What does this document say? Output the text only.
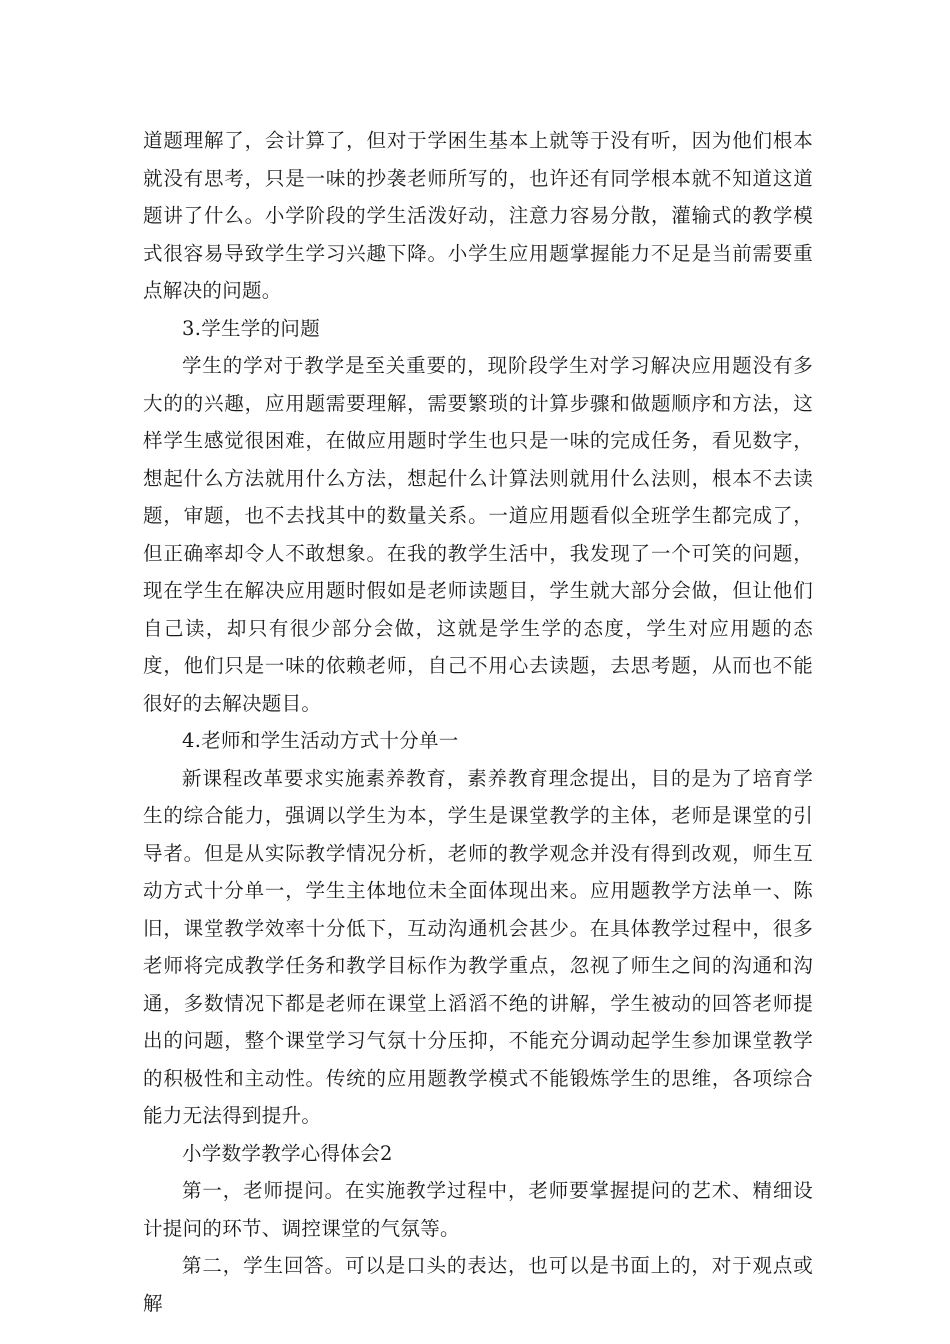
道题理解了，会计算了，但对于学困生基本上就等于没有听，因为他们根本就没有思考，只是一味的抄袭老师所写的，也许还有同学根本就不知道这道题讲了什么。小学阶段的学生活泼好动，注意力容易分散，灌输式的教学模式很容易导致学生学习兴趣下降。小学生应用题掌握能力不足是当前需要重点解决的问题。

3.学生学的问题

学生的学对于教学是至关重要的，现阶段学生对学习解决应用题没有多大的的兴趣，应用题需要理解，需要繁琐的计算步骤和做题顺序和方法，这样学生感觉很困难，在做应用题时学生也只是一味的完成任务，看见数字，想起什么方法就用什么方法，想起什么计算法则就用什么法则，根本不去读题，审题，也不去找其中的数量关系。一道应用题看似全班学生都完成了，但正确率却令人不敢想象。在我的教学生活中，我发现了一个可笑的问题，现在学生在解决应用题时假如是老师读题目，学生就大部分会做，但让他们自己读，却只有很少部分会做，这就是学生学的态度，学生对应用题的态度，他们只是一味的依赖老师，自己不用心去读题，去思考题，从而也不能很好的去解决题目。

4.老师和学生活动方式十分单一

新课程改革要求实施素养教育，素养教育理念提出，目的是为了培育学生的综合能力，强调以学生为本，学生是课堂教学的主体，老师是课堂的引导者。但是从实际教学情况分析，老师的教学观念并没有得到改观，师生互动方式十分单一，学生主体地位未全面体现出来。应用题教学方法单一、陈旧，课堂教学效率十分低下，互动沟通机会甚少。在具体教学过程中，很多老师将完成教学任务和教学目标作为教学重点，忽视了师生之间的沟通和沟通，多数情况下都是老师在课堂上滔滔不绝的讲解，学生被动的回答老师提出的问题，整个课堂学习气氛十分压抑，不能充分调动起学生参加课堂教学的积极性和主动性。传统的应用题教学模式不能锻炼学生的思维，各项综合能力无法得到提升。

小学数学教学心得体会2

第一，老师提问。在实施教学过程中，老师要掌握提问的艺术、精细设计提问的环节、调控课堂的气氛等。

第二，学生回答。可以是口头的表达，也可以是书面上的，对于观点或解
